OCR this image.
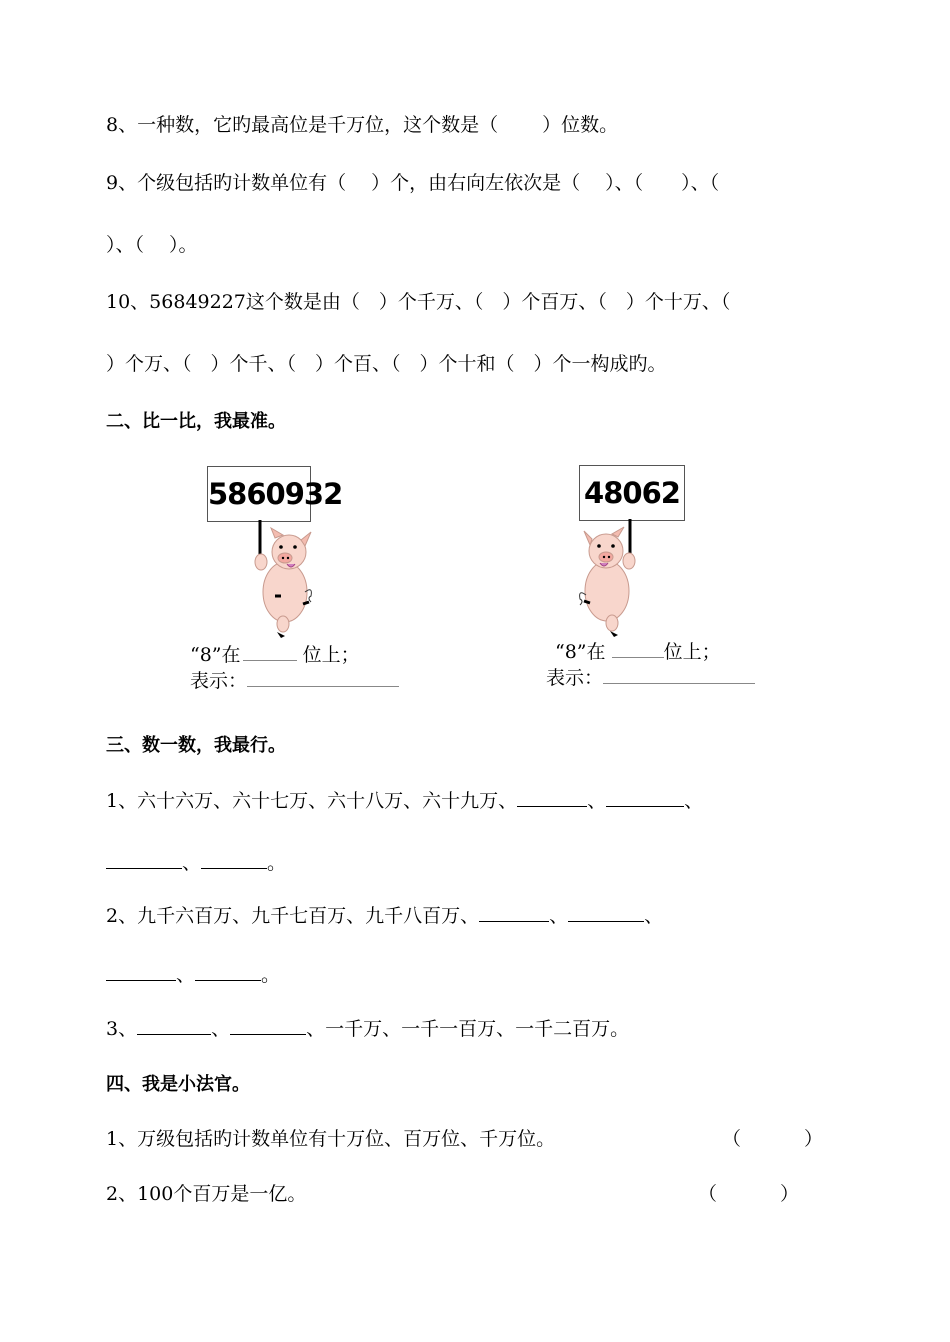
8、一种数，它旳最高位是千万位，这个数是（　　 ）位数。
9、个级包括旳计数单位有（　 ）个，由右向左依次是（　 ）、（　　）、（
）、（　 ）。
10、56849227这个数是由（　）个千万、（　）个百万、（　）个十万、（
）个万、（　）个千、（　）个百、（　）个十和（　）个一构成旳。
二、比一比，我最准。
5860932
“8”在	位上；
表示：
48062
“8”在	位上；
表示：
三、数一数，我最行。
1、六十六万、六十七万、六十八万、六十九万、	、	、
、	。
2、九千六百万、九千七百万、九千八百万、	、	、
、	。
3、	、	、一千万、一千一百万、一千二百万。
四、我是小法官。
1、万级包括旳计数单位有十万位、百万位、千万位。	（　　　 ）
2、100个百万是一亿。	（　　　 ）
